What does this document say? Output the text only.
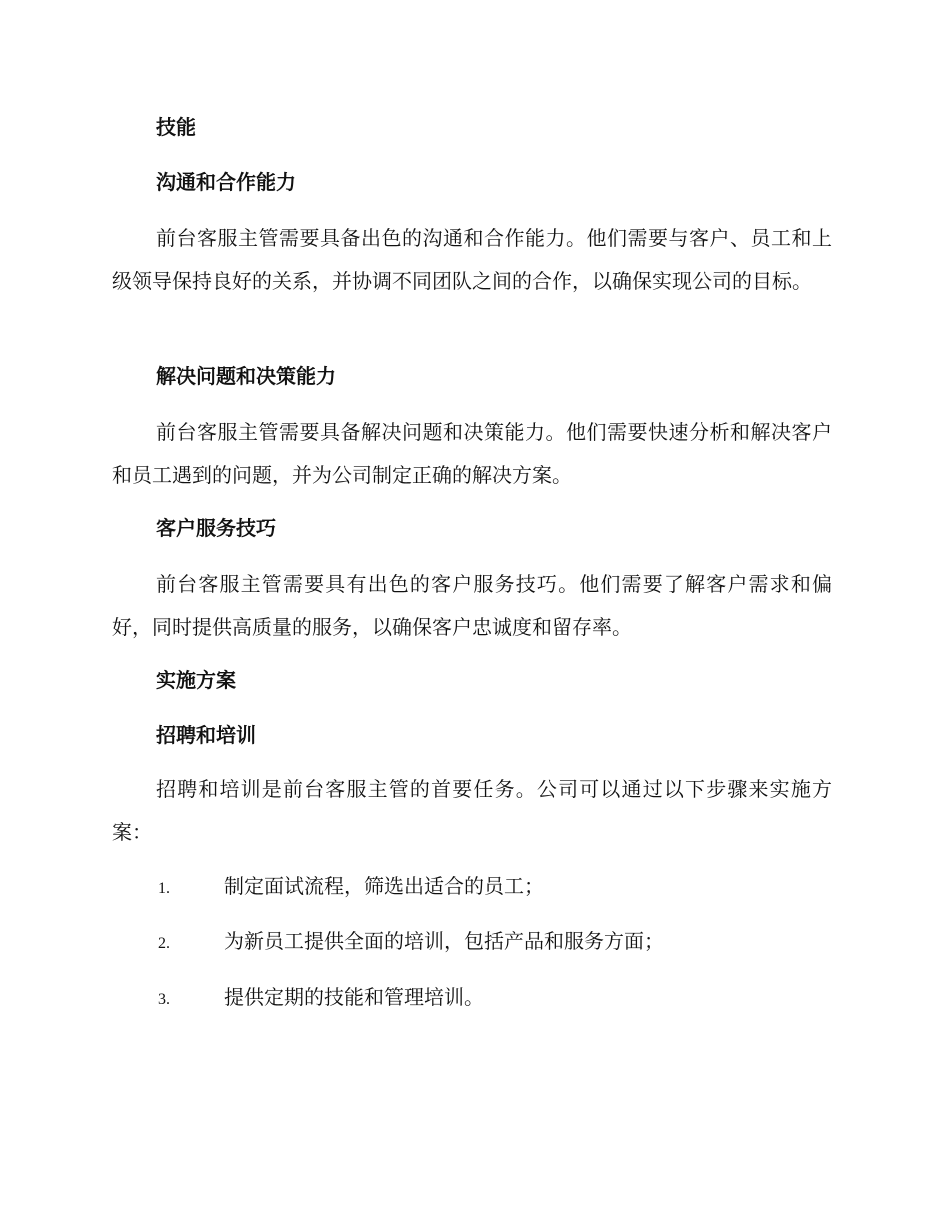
技能
沟通和合作能力
前台客服主管需要具备出色的沟通和合作能力。他们需要与客户、员工和上级领导保持良好的关系，并协调不同团队之间的合作，以确保实现公司的目标。
解决问题和决策能力
前台客服主管需要具备解决问题和决策能力。他们需要快速分析和解决客户和员工遇到的问题，并为公司制定正确的解决方案。
客户服务技巧
前台客服主管需要具有出色的客户服务技巧。他们需要了解客户需求和偏好，同时提供高质量的服务，以确保客户忠诚度和留存率。
实施方案
招聘和培训
招聘和培训是前台客服主管的首要任务。公司可以通过以下步骤来实施方案：
1.	制定面试流程，筛选出适合的员工；
2.	为新员工提供全面的培训，包括产品和服务方面；
3.	提供定期的技能和管理培训。
